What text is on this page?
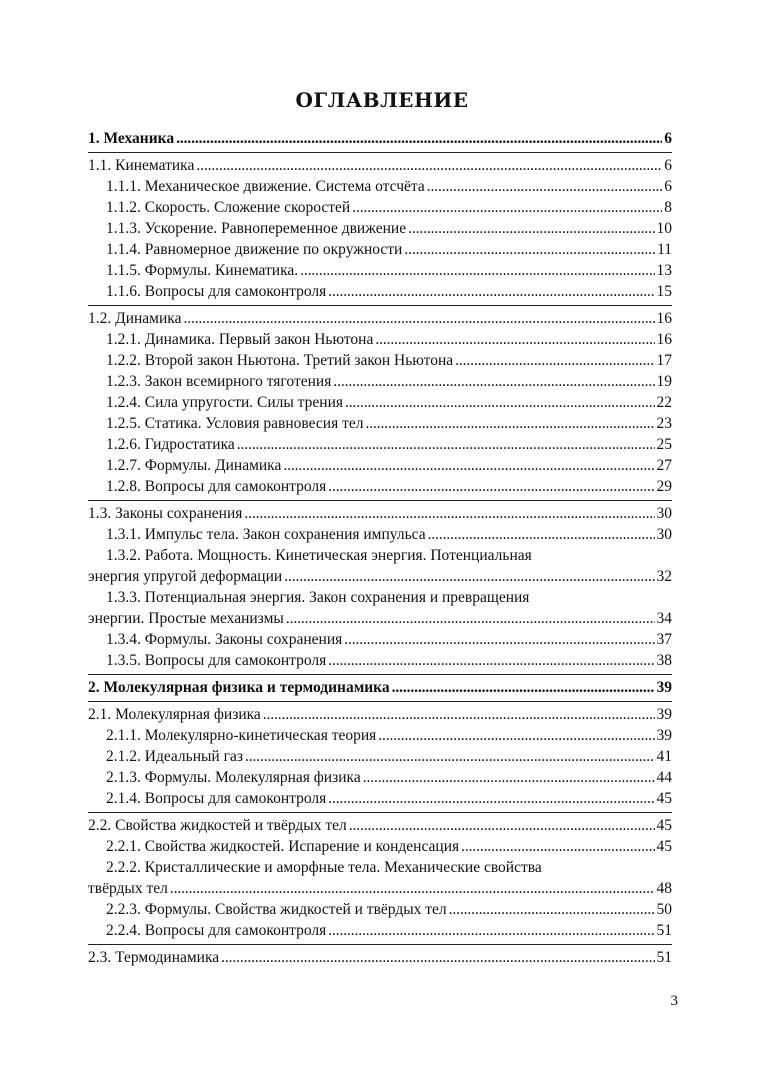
ОГЛАВЛЕНИЕ
1. Механика . . .	6
1.1. Кинематика . . .	6
1.1.1. Механическое движение. Система отсчёта . . .	6
1.1.2. Скорость. Сложение скоростей . . .	8
1.1.3. Ускорение. Равнопеременное движение . . .	10
1.1.4. Равномерное движение по окружности . . .	11
1.1.5. Формулы. Кинематика. . . .	13
1.1.6. Вопросы для самоконтроля . . .	15
1.2. Динамика . . .	16
1.2.1. Динамика. Первый закон Ньютона . . .	16
1.2.2. Второй закон Ньютона. Третий закон Ньютона . . .	17
1.2.3. Закон всемирного тяготения . . .	19
1.2.4. Сила упругости. Силы трения . . .	22
1.2.5. Статика. Условия равновесия тел . . .	23
1.2.6. Гидростатика . . .	25
1.2.7. Формулы. Динамика . . .	27
1.2.8. Вопросы для самоконтроля . . .	29
1.3. Законы сохранения . . .	30
1.3.1. Импульс тела. Закон сохранения импульса . . .	30
1.3.2. Работа. Мощность. Кинетическая энергия. Потенциальная
энергия упругой деформации . . .	32
1.3.3. Потенциальная энергия. Закон сохранения и превращения
энергии. Простые механизмы . . .	34
1.3.4. Формулы. Законы сохранения . . .	37
1.3.5. Вопросы для самоконтроля . . .	38
2. Молекулярная физика и термодинамика . . .	39
2.1. Молекулярная физика . . .	39
2.1.1. Молекулярно-кинетическая теория . . .	39
2.1.2. Идеальный газ . . .	41
2.1.3. Формулы. Молекулярная физика . . .	44
2.1.4. Вопросы для самоконтроля . . .	45
2.2. Свойства жидкостей и твёрдых тел . . .	45
2.2.1. Свойства жидкостей. Испарение и конденсация . . .	45
2.2.2. Кристаллические и аморфные тела. Механические свойства
твёрдых тел . . .	48
2.2.3. Формулы. Свойства жидкостей и твёрдых тел . . .	50
2.2.4. Вопросы для самоконтроля . . .	51
2.3. Термодинамика . . .	51
3
